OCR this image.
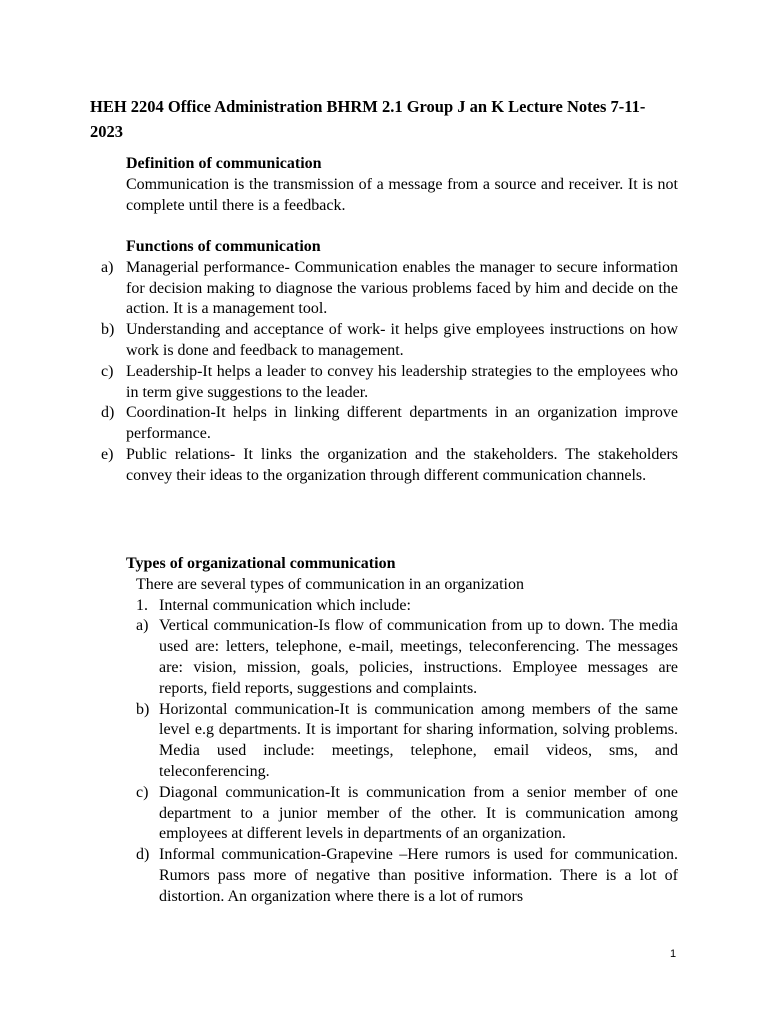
HEH 2204 Office Administration BHRM 2.1 Group J an K Lecture Notes 7-11-2023

Definition of communication

Communication is the transmission of a message from a source and receiver. It is not complete until there is a feedback.

Functions of communication

a) Managerial performance- Communication enables the manager to secure information for decision making to diagnose the various problems faced by him and decide on the action. It is a management tool.
b) Understanding and acceptance of work- it helps give employees instructions on how work is done and feedback to management.
c) Leadership-It helps a leader to convey his leadership strategies to the employees who in term give suggestions to the leader.
d) Coordination-It helps in linking different departments in an organization improve performance.
e) Public relations- It links the organization and the stakeholders. The stakeholders convey their ideas to the organization through different communication channels.

Types of organizational communication

There are several types of communication in an organization

1. Internal communication which include:
a) Vertical communication-Is flow of communication from up to down. The media used are: letters, telephone, e-mail, meetings, teleconferencing. The messages are: vision, mission, goals, policies, instructions. Employee messages are reports, field reports, suggestions and complaints.
b) Horizontal communication-It is communication among members of the same level e.g departments. It is important for sharing information, solving problems. Media used include: meetings, telephone, email videos, sms, and teleconferencing.
c) Diagonal communication-It is communication from a senior member of one department to a junior member of the other. It is communication among employees at different levels in departments of an organization.
d) Informal communication-Grapevine –Here rumors is used for communication. Rumors pass more of negative than positive information. There is a lot of distortion. An organization where there is a lot of rumors
1
